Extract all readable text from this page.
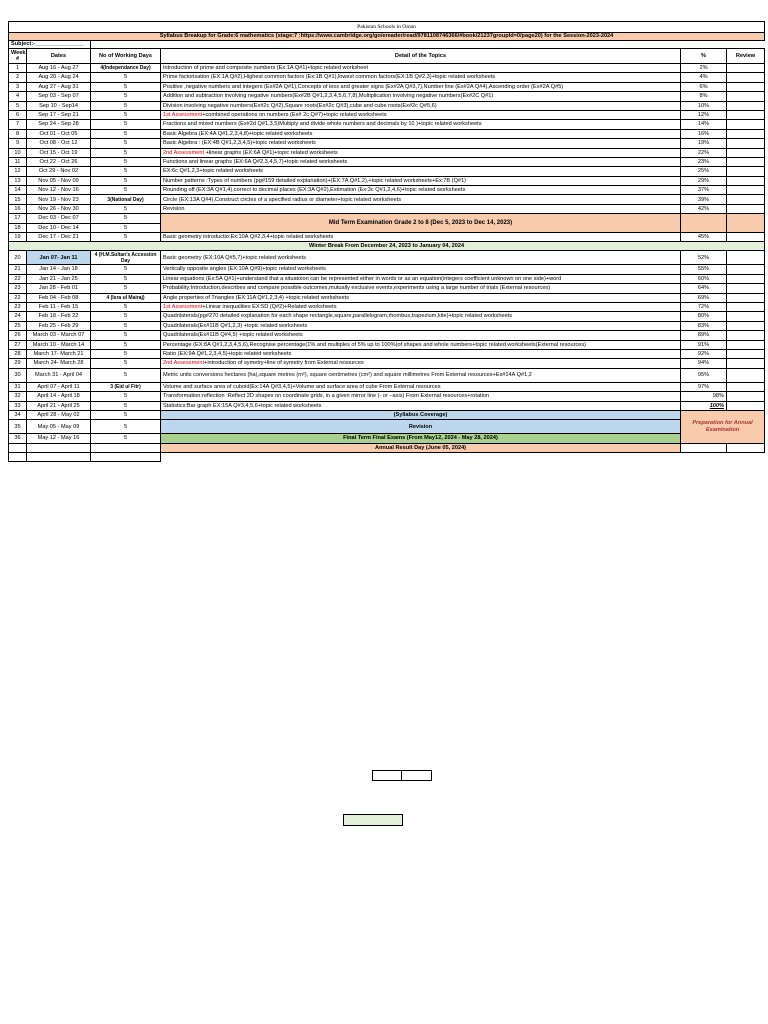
Pakistan Schools in Oman					
Syllabus Breakup for Grade:6 mathematics (stage:7 :https://www.cambridge.org/go/ereader/read/9781108746366/#book/21237groupId=0/page20) for the Session-2023-2024					
Subject:-________________					
Week #	Dates	No of Working Days	Detail of the Topics	%	Review
1	Aug 16 - Aug 27	4(Independance Day)	Introduction of prime and composite numbers (Ex:1A Q#1)+topic related worksheet	2%	
2	Aug 20 - Aug 24	5	Prime factorisation (EX:1A Q#2),Highest common factors (Ex:1B Q#1),lowest common factors(EX:1B Q#2,3)+topic related worksheets	4%	
3	Aug 27 - Aug 31	5	Positive ,negative numbers and integers (Ex#2A Q#1),Concepts of less and greater signs (Ex#2A Q#3,7),Number line (Ex#2A Q#4),Ascending order (Ex#2A Q#5)	6%	
4	Sep 03 - Sep 07	5	Addition and subtraction involving negative numbers(Ex#2B Q#1,2,3,4,5,6,7,8),Multiplication involving negative numbers(Ex#2C Q#1)	8%	
5	Sep 10 - Sep14	5	Division involving negative numbers(Ex#2c Q#2),Square roots(Ex#2c Q#3),cube and cube roots(Ex#2c Q#5,6)	10%	
6	Sep 17 - Sep 21	5	1st Assessment+combined operations on numbers (Ex# 2c Q#7)+topic related worksheets	12%	
7	Sep 24 - Sep 28	5	Fractions and mixed numbers (Ex#2d Q#1,3,5)Multiply and divide whole numbers and decimals by 10 )+topic related worksheets	14%	
8	Oct 01 - Oct 05	5	Basic Algebra (EX:4A Q#1,2,3,4,8)+topic related worksheets	16%	
9	Oct 08 - Oct 12	5	Basic Algebra : (EX:4B Q#1,2,3,4,5)+topic related worksheets	19%	
10	Oct 15 - Oct 19	5	2nd Assessment +linear graphs (EX:6A Q#1)+topic related worksheets	22%	
11	Oct 22 - Oct 26	5	Functions and linear graphs (EX:6A Q#2,3,4,5,7)+topic related worksheets	23%	
12	Oct 29 - Nov 02	5	EX:6c Q#1,2,3+topic related worksheets	25%	
13	Nov 05 - Nov 09	5	Number patterns :Types of numbers (pg#159 detailed explanation)+(EX:7A Q#1,2),+topic related worksheets+Ex:7B (Q#1)	29%	
14	Nov 12 - Nov 16	5	Rounding off (EX:3A Q#1,4),correct to decimal places (EX:3A Q#2),Estimation (Ex:3c Q#1,2,4,6)+topic related worksheets	37%	
15	Nov 19 - Nov 23	3(National Day)	Circle (EX:13A Q#4),Construct circles of a specified radius or diameter+topic related worksheets	39%	
16	Nov 26 - Nov 30	5	Revision	42%	
17	Dec 03 - Dec 07	5	Mid Term Examination Grade 2 to 8 (Dec 5, 2023 to Dec 14, 2023)		
18	Dec 10 - Dec 14	5			
19	Dec 17 - Dec 21	5	Basic geometry introductio:Ex:10A Q#2,3,4+topic related worksheets	45%	
Winter Break From December 24, 2023 to January 04, 2024					
20	Jan 07- Jan 11	4 (H.M.Sultan's Accession Day	Basic geometry (EX:10A Q#5,7)+topic related worksheets	52%	
21	Jan 14 - Jan 18	5	Vertically opposite angles (EX:10A Q#9)+topic related worksheets	55%	
22	Jan 21 - Jan 25	5	Linear equations (Ex:5A Q#1)+understand that a situatoion can be represented either in words or as an equation(integers coefficient unknown on one side)+word	60%	
23	Jan 28 - Feb 01	5	Probability:Introduction,describes and compare possible outcomes,mutually exclusive events,experiments using a large number of trials (External resources)	64%	
22	Feb 04 - Feb 08	4 (Isra ul Mairaj)	Angle properties of Triangles (EX:11A Q#1,2,3,4) +topic related worksheets	69%	
23	Feb 11 - Feb 15	5	1st Assessment+Linear inequalities EX:5D (Q#2)+Related worksheets	72%	
24	Feb 18 - Feb 22	5	Quadrilaterals(pg#270 detailed explanation for each shape rectangle,square,parallelogram,rhombus,trapezium,kite)+topic related worksheets	80%	
25	Feb 25 - Feb 29	5	Quadrilaterals(Ex#11B Q#1,2,3) +topic related worksheets	83%	
26	March 03 - March 07	5	Quadrilaterals(Ex#11B Q#4,5) +topic related worksheets	89%	
27	March 10 - March 14	5	Percentage (EX:8A Q#1,2,3,4,5,6),Recognise percentage(1% and multiples of 5% up to 100%(of shapes and whole numbers+topic related worksheets(External resources)	91%	
28	March 17- March 21	5	Ratio (EX:9A Q#1,2,3,4,5)+topic related worksheets	92%	
29	March 24- March 28	5	2nd Assessment+introduction of symetry+line of symetry from External resources	94%	
30	March 31 - April 04	5	Metric units conversions hectares (ha),square metres (m²), square centimetres (cm²) and square millimetres From External resources+Ex#14A Q#1,2	95%	
31	April 07 - April 11	3 (Eid ul Fitr)	Volume and surface area of cuboid(Ex:14A Q#3,4,5)+Volume and surface area of cube From External resources	97%	
32	April 14 - April 18	5	Transformation:reflection :Reflect 2D shapes on coordinate grids, in a given mirror line (- or –axis) From External resources+rotation	98%	
33	April 21 - April 25	5	Statistics:Bar graph EX:15A Q#3,4,5,6+topic related worksheets	100%	
34	April 28 - May 02	5	(Syllabus Coverage)	Preparation for Annual Examination	
35	May 05 - May 09	5	Revision		
36	May 12 - May 16	5	Final Term Final Exams (From May12, 2024 - May 28, 2024)		
			Annual Result Day (June 05, 2024)		
